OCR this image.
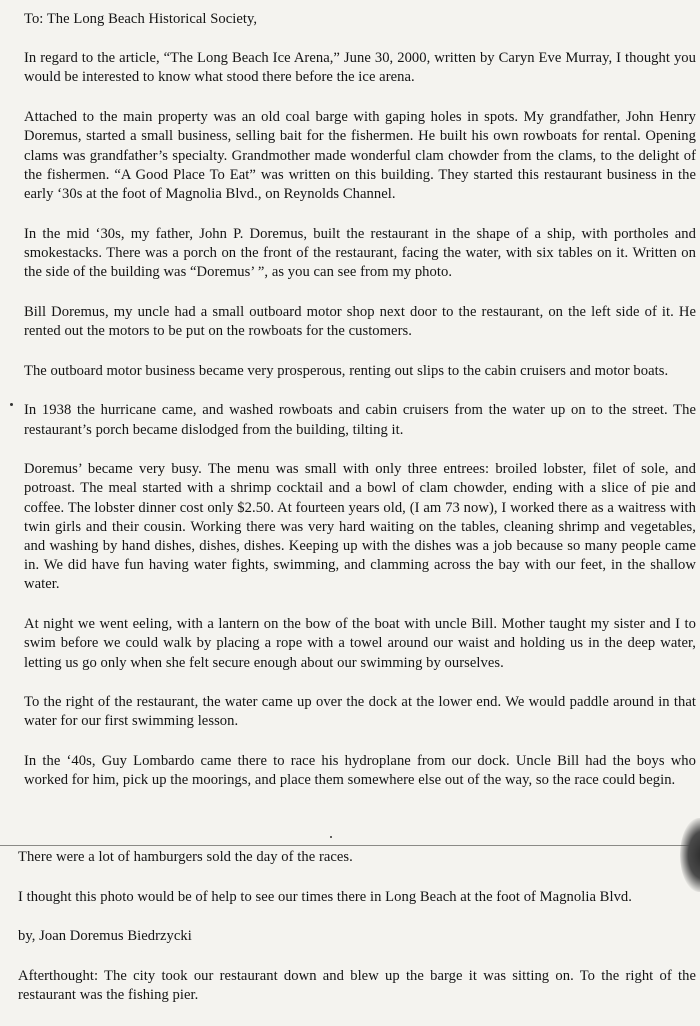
To: The Long Beach Historical Society,

In regard to the article, “The Long Beach Ice Arena,” June 30, 2000, written by Caryn Eve Murray, I thought you would be interested to know what stood there before the ice arena.

Attached to the main property was an old coal barge with gaping holes in spots. My grandfather, John Henry Doremus, started a small business, selling bait for the fishermen. He built his own rowboats for rental. Opening clams was grandfather’s specialty. Grandmother made wonderful clam chowder from the clams, to the delight of the fishermen. “A Good Place To Eat” was written on this building. They started this restaurant business in the early ‘30s at the foot of Magnolia Blvd., on Reynolds Channel.

In the mid ‘30s, my father, John P. Doremus, built the restaurant in the shape of a ship, with portholes and smokestacks. There was a porch on the front of the restaurant, facing the water, with six tables on it. Written on the side of the building was “Doremus’ ”, as you can see from my photo.

Bill Doremus, my uncle had a small outboard motor shop next door to the restaurant, on the left side of it. He rented out the motors to be put on the rowboats for the customers.

The outboard motor business became very prosperous, renting out slips to the cabin cruisers and motor boats.

In 1938 the hurricane came, and washed rowboats and cabin cruisers from the water up on to the street. The restaurant’s porch became dislodged from the building, tilting it.

Doremus’ became very busy. The menu was small with only three entrees: broiled lobster, filet of sole, and potroast. The meal started with a shrimp cocktail and a bowl of clam chowder, ending with a slice of pie and coffee. The lobster dinner cost only $2.50. At fourteen years old, (I am 73 now), I worked there as a waitress with twin girls and their cousin. Working there was very hard waiting on the tables, cleaning shrimp and vegetables, and washing by hand dishes, dishes, dishes. Keeping up with the dishes was a job because so many people came in. We did have fun having water fights, swimming, and clamming across the bay with our feet, in the shallow water.

At night we went eeling, with a lantern on the bow of the boat with uncle Bill. Mother taught my sister and I to swim before we could walk by placing a rope with a towel around our waist and holding us in the deep water, letting us go only when she felt secure enough about our swimming by ourselves.

To the right of the restaurant, the water came up over the dock at the lower end. We would paddle around in that water for our first swimming lesson.

In the ‘40s, Guy Lombardo came there to race his hydroplane from our dock. Uncle Bill had the boys who worked for him, pick up the moorings, and place them somewhere else out of the way, so the race could begin.

There were a lot of hamburgers sold the day of the races.

I thought this photo would be of help to see our times there in Long Beach at the foot of Magnolia Blvd.

by, Joan Doremus Biedrzycki

Afterthought: The city took our restaurant down and blew up the barge it was sitting on. To the right of the restaurant was the fishing pier.
